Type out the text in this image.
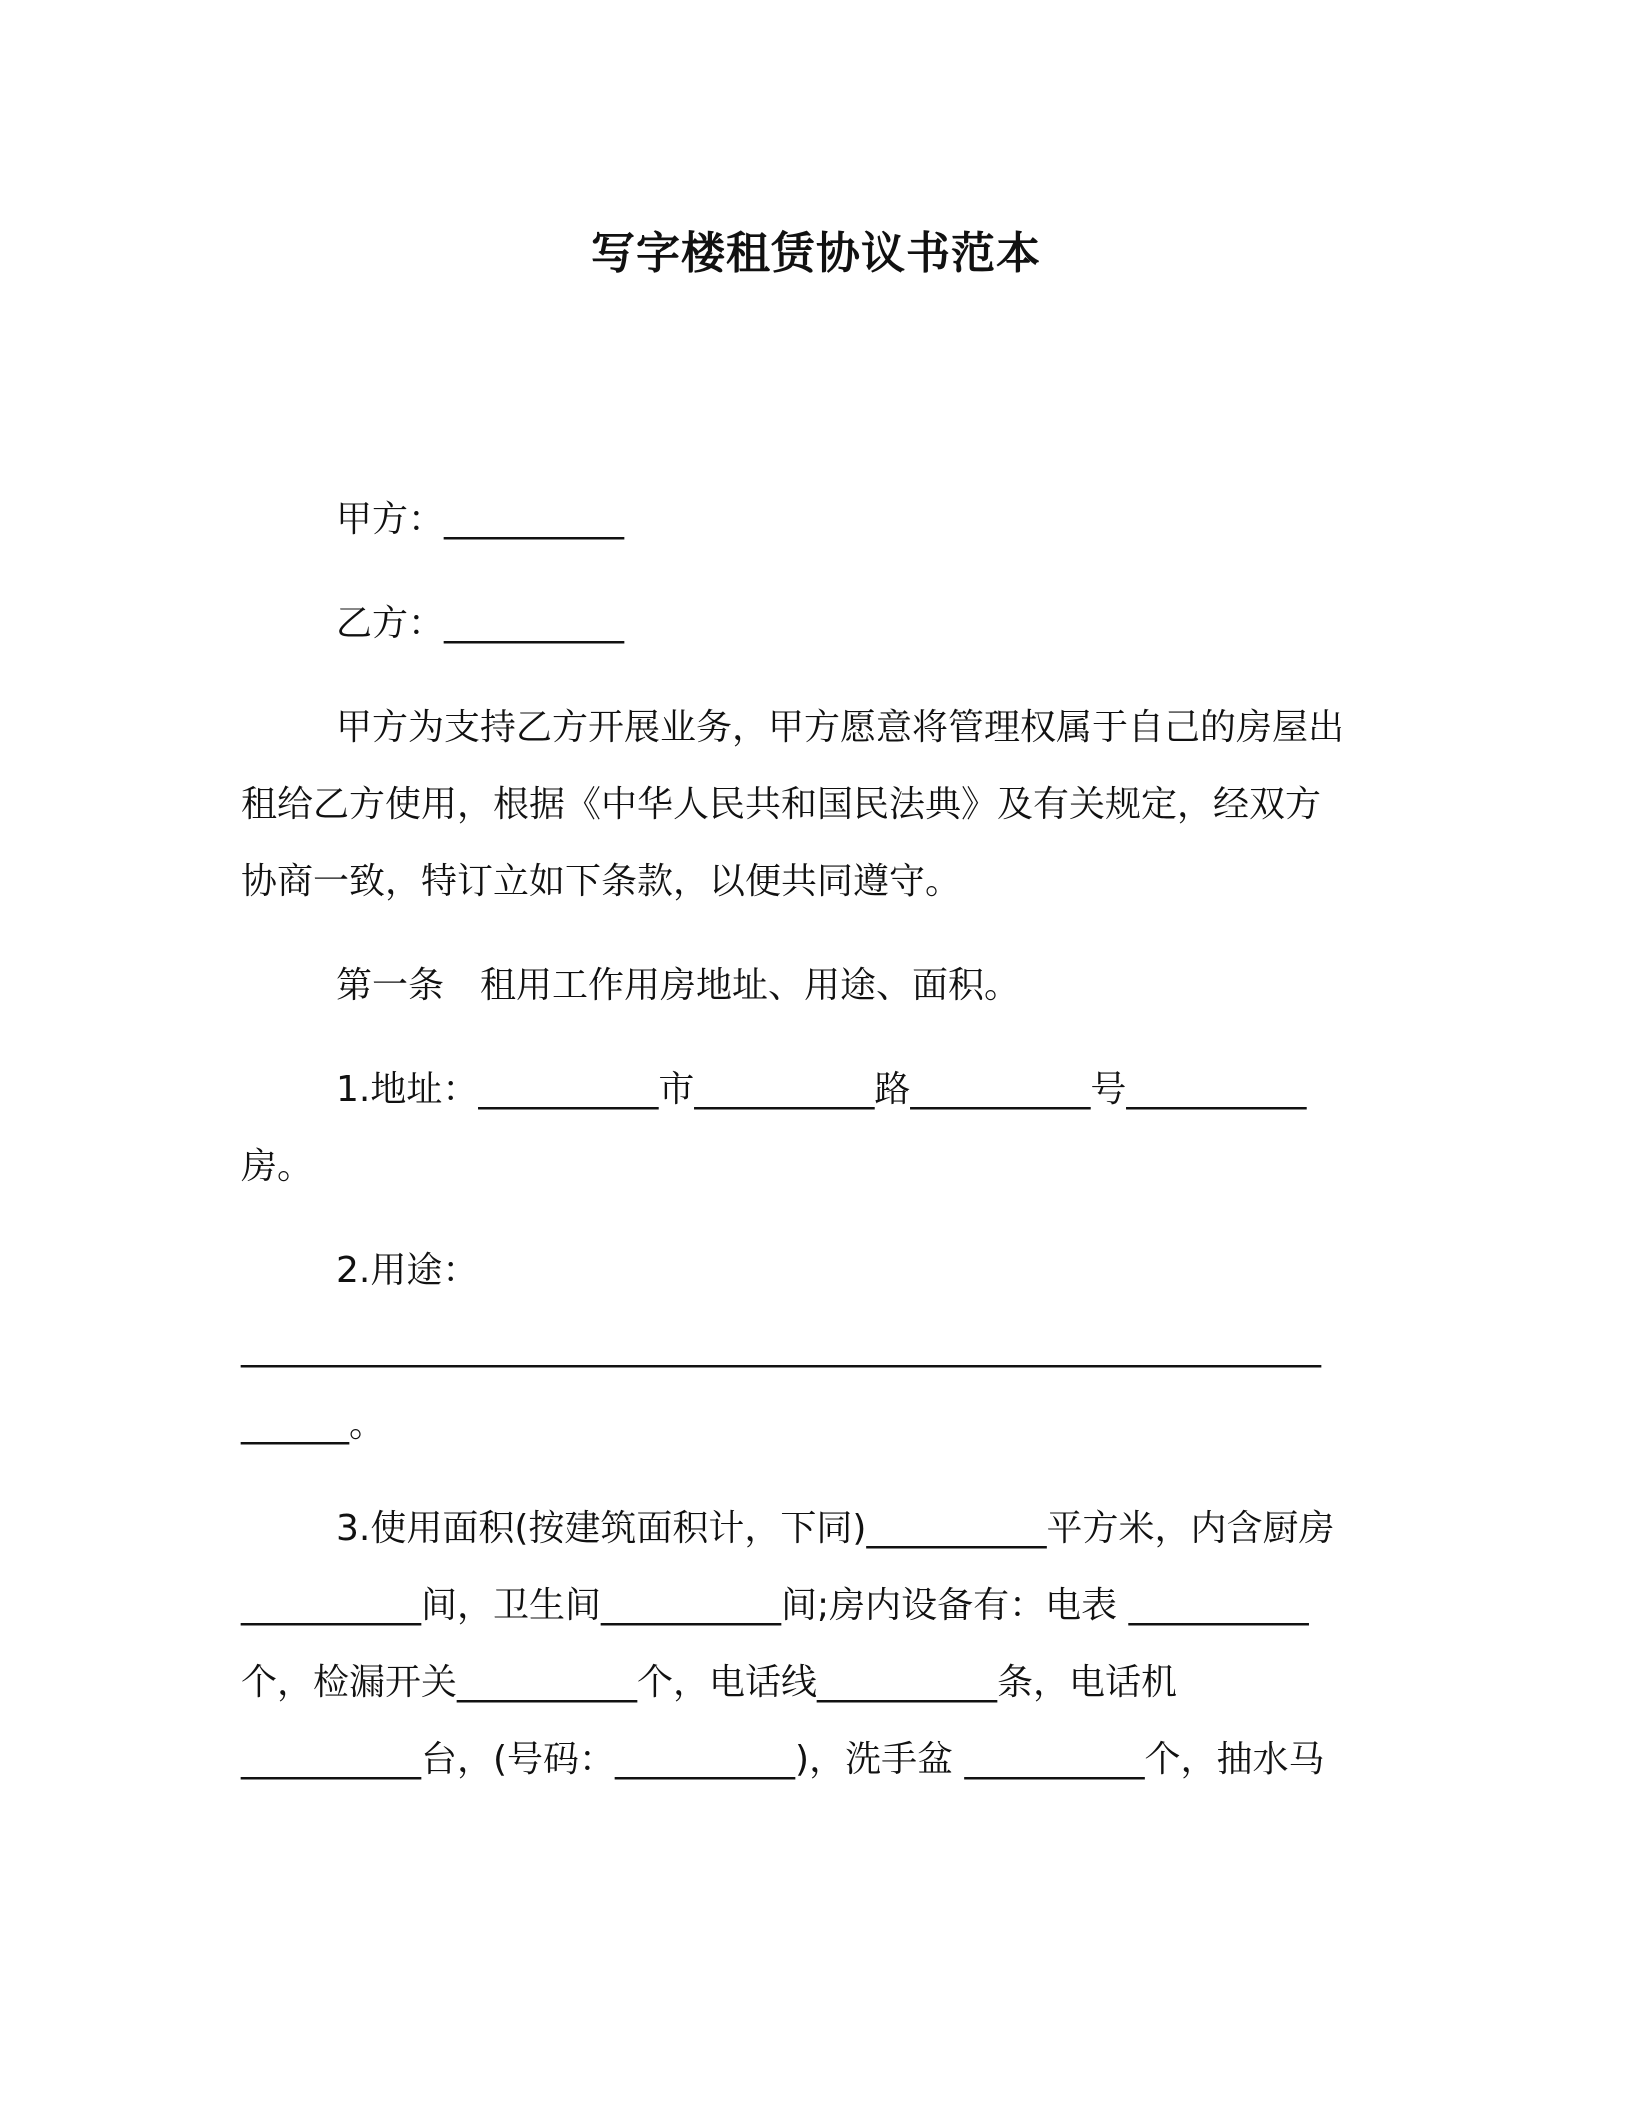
写字楼租赁协议书范本
甲方：__________
乙方：__________
甲方为支持乙方开展业务，甲方愿意将管理权属于自己的房屋出
租给乙方使用，根据《中华人民共和国民法典》及有关规定，经双方
协商一致，特订立如下条款，以便共同遵守。
第一条　租用工作用房地址、用途、面积。
1.地址：__________市__________路__________号__________
房。
2.用途：
____________________________________________________________
______。
3.使用面积(按建筑面积计，下同)__________平方米，内含厨房
__________间，卫生间__________间;房内设备有：电表 __________
个，检漏开关__________个，电话线__________条，电话机
__________台，(号码：__________)，洗手盆 __________个，抽水马
